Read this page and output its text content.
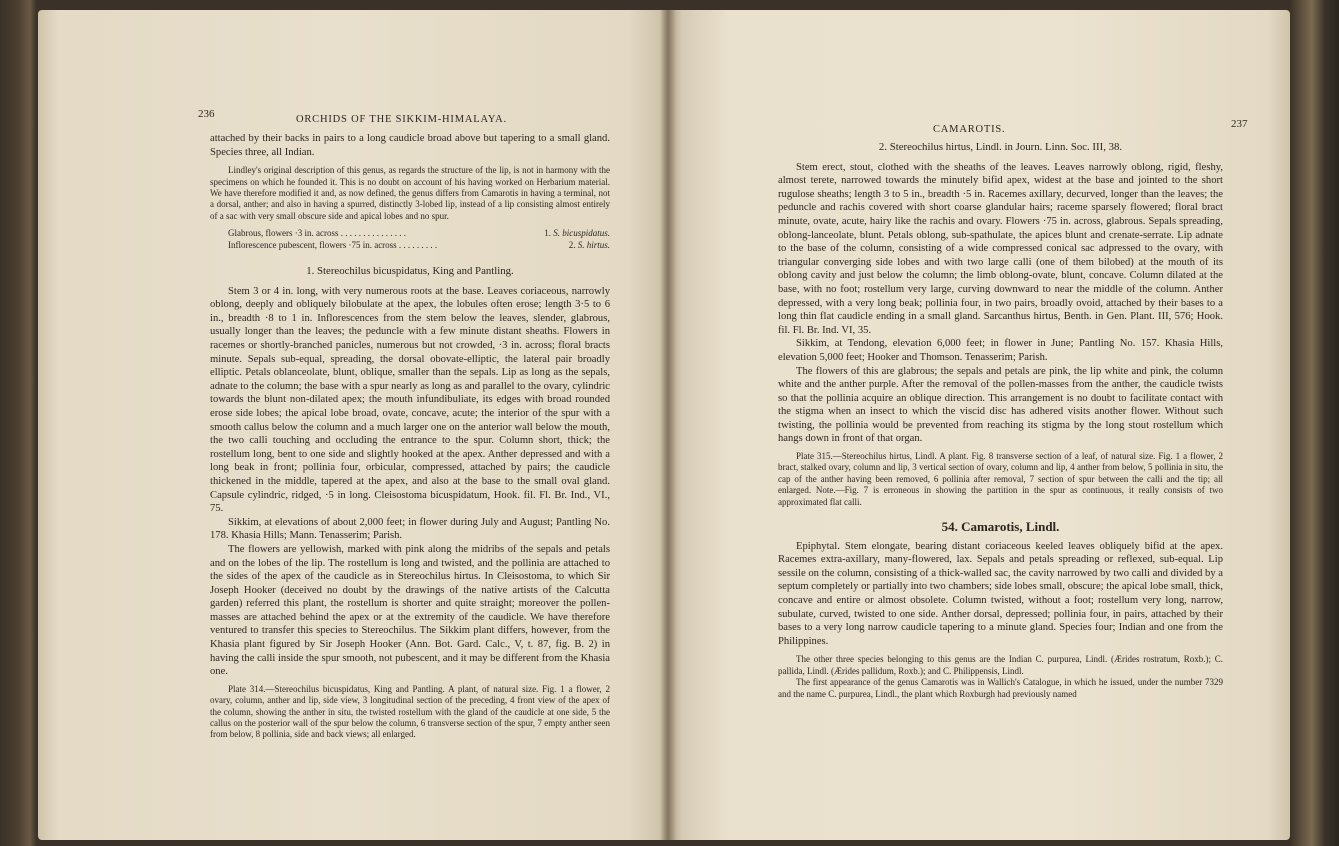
236	ORCHIDS OF THE SIKKIM-HIMALAYA.

attached by their backs in pairs to a long caudicle broad above but tapering to a small gland. Species three, all Indian.

Lindley's original description of this genus, as regards the structure of the lip, is not in harmony with the specimens on which he founded it. This is no doubt on account of his having worked on Herbarium material. We have therefore modified it and, as now defined, the genus differs from Camarotis in having a terminal, not a dorsal, anther; and also in having a spurred, distinctly 3-lobed lip, instead of a lip consisting almost entirely of a sac with very small obscure side and apical lobes and no spur.

Glabrous, flowers ·3 in. across . . . . . . . . . . . . . . .	1. S. bicuspidatus.
Inflorescence pubescent, flowers ·75 in. across . . . . . . . . .	2. S. hirtus.

1. Stereochilus bicuspidatus, King and Pantling.

Stem 3 or 4 in. long, with very numerous roots at the base. Leaves coriaceous, narrowly oblong, deeply and obliquely bilobulate at the apex, the lobules often erose; length 3·5 to 6 in., breadth ·8 to 1 in. Inflorescences from the stem below the leaves, slender, glabrous, usually longer than the leaves; the peduncle with a few minute distant sheaths. Flowers in racemes or shortly-branched panicles, numerous but not crowded, ·3 in. across; floral bracts minute. Sepals sub-equal, spreading, the dorsal obovate-elliptic, the lateral pair broadly elliptic. Petals oblanceolate, blunt, oblique, smaller than the sepals. Lip as long as the sepals, adnate to the column; the base with a spur nearly as long as and parallel to the ovary, cylindric towards the blunt non-dilated apex; the mouth infundibuliate, its edges with broad rounded erose side lobes; the apical lobe broad, ovate, concave, acute; the interior of the spur with a smooth callus below the column and a much larger one on the anterior wall below the mouth, the two calli touching and occluding the entrance to the spur. Column short, thick; the rostellum long, bent to one side and slightly hooked at the apex. Anther depressed and with a long beak in front; pollinia four, orbicular, compressed, attached by pairs; the caudicle thickened in the middle, tapered at the apex, and also at the base to the small oval gland. Capsule cylindric, ridged, ·5 in long. Cleisostoma bicuspidatum, Hook. fil. Fl. Br. Ind., VI., 75.

Sikkim, at elevations of about 2,000 feet; in flower during July and August; Pantling No. 178. Khasia Hills; Mann. Tenasserim; Parish.

The flowers are yellowish, marked with pink along the midribs of the sepals and petals and on the lobes of the lip. The rostellum is long and twisted, and the pollinia are attached to the sides of the apex of the caudicle as in Stereochilus hirtus. In Cleisostoma, to which Sir Joseph Hooker (deceived no doubt by the drawings of the native artists of the Calcutta garden) referred this plant, the rostellum is shorter and quite straight; moreover the pollen-masses are attached behind the apex or at the extremity of the caudicle. We have therefore ventured to transfer this species to Stereochilus. The Sikkim plant differs, however, from the Khasia plant figured by Sir Joseph Hooker (Ann. Bot. Gard. Calc., V, t. 87, fig. B. 2) in having the calli inside the spur smooth, not pubescent, and it may be different from the Khasia one.

Plate 314.—Stereochilus bicuspidatus, King and Pantling. A plant, of natural size. Fig. 1 a flower, 2 ovary, column, anther and lip, side view, 3 longitudinal section of the preceding, 4 front view of the apex of the column, showing the anther in situ, the twisted rostellum with the gland of the caudicle at one side, 5 the callus on the posterior wall of the spur below the column, 6 transverse section of the spur, 7 empty anther seen from below, 8 pollinia, side and back views; all enlarged.

CAMAROTIS.	237

2. Stereochilus hirtus, Lindl. in Journ. Linn. Soc. III, 38.

Stem erect, stout, clothed with the sheaths of the leaves. Leaves narrowly oblong, rigid, fleshy, almost terete, narrowed towards the minutely bifid apex, widest at the base and jointed to the short rugulose sheaths; length 3 to 5 in., breadth ·5 in. Racemes axillary, decurved, longer than the leaves; the peduncle and rachis covered with short coarse glandular hairs; raceme sparsely flowered; floral bract minute, ovate, acute, hairy like the rachis and ovary. Flowers ·75 in. across, glabrous. Sepals spreading, oblong-lanceolate, blunt. Petals oblong, sub-spathulate, the apices blunt and crenate-serrate. Lip adnate to the base of the column, consisting of a wide compressed conical sac adpressed to the ovary, with triangular converging side lobes and with two large calli (one of them bilobed) at the mouth of its oblong cavity and just below the column; the limb oblong-ovate, blunt, concave. Column dilated at the base, with no foot; rostellum very large, curving downward to near the middle of the column. Anther depressed, with a very long beak; pollinia four, in two pairs, broadly ovoid, attached by their bases to a long thin flat caudicle ending in a small gland. Sarcanthus hirtus, Benth. in Gen. Plant. III, 576; Hook. fil. Fl. Br. Ind. VI, 35.

Sikkim, at Tendong, elevation 6,000 feet; in flower in June; Pantling No. 157. Khasia Hills, elevation 5,000 feet; Hooker and Thomson. Tenasserim; Parish.

The flowers of this are glabrous; the sepals and petals are pink, the lip white and pink, the column white and the anther purple. After the removal of the pollen-masses from the anther, the caudicle twists so that the pollinia acquire an oblique direction. This arrangement is no doubt to facilitate contact with the stigma when an insect to which the viscid disc has adhered visits another flower. Without such twisting, the pollinia would be prevented from reaching its stigma by the long stout rostellum which hangs down in front of that organ.

Plate 315.—Stereochilus hirtus, Lindl. A plant. Fig. 8 transverse section of a leaf, of natural size. Fig. 1 a flower, 2 bract, stalked ovary, column and lip, 3 vertical section of ovary, column and lip, 4 anther from below, 5 pollinia in situ, the cap of the anther having been removed, 6 pollinia after removal, 7 section of spur between the calli and the tip; all enlarged. Note.—Fig. 7 is erroneous in showing the partition in the spur as continuous, it really consists of two approximated flat calli.

54. Camarotis, Lindl.

Epiphytal. Stem elongate, bearing distant coriaceous keeled leaves obliquely bifid at the apex. Racemes extra-axillary, many-flowered, lax. Sepals and petals spreading or reflexed, sub-equal. Lip sessile on the column, consisting of a thick-walled sac, the cavity narrowed by two calli and divided by a septum completely or partially into two chambers; side lobes small, obscure; the apical lobe small, thick, concave and entire or almost obsolete. Column twisted, without a foot; rostellum very long, narrow, subulate, curved, twisted to one side. Anther dorsal, depressed; pollinia four, in pairs, attached by their bases to a very long narrow caudicle tapering to a minute gland. Species four; Indian and one from the Philippines.

The other three species belonging to this genus are the Indian C. purpurea, Lindl. (Ærides rostratum, Roxb.); C. pallida, Lindl. (Ærides pallidum, Roxb.); and C. Philippensis, Lindl.

The first appearance of the genus Camarotis was in Wallich's Catalogue, in which he issued, under the number 7329 and the name C. purpurea, Lindl., the plant which Roxburgh had previously named
